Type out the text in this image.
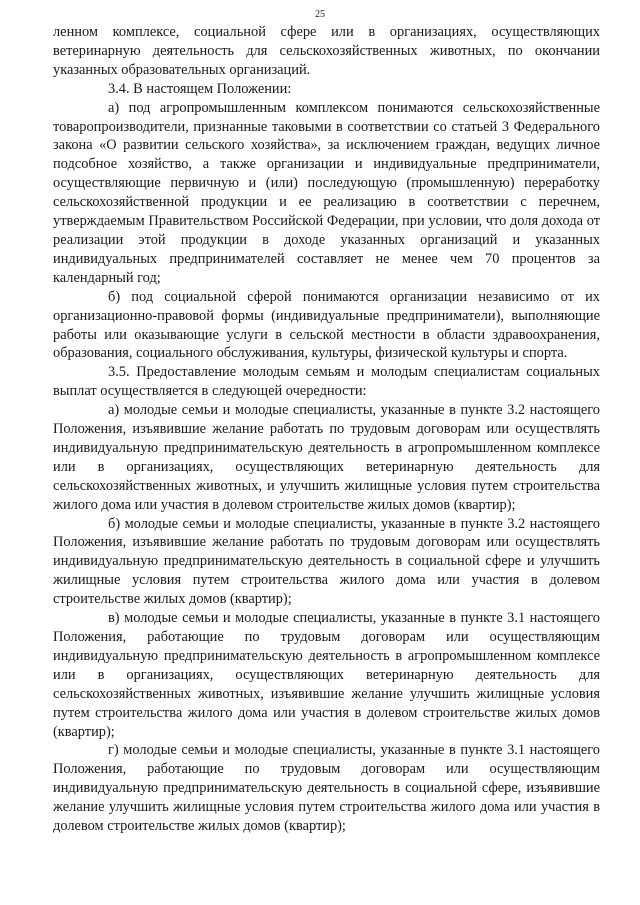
25

ленном комплексе, социальной сфере или в организациях, осуществляющих ветеринарную деятельность для сельскохозяйственных животных, по окончании указанных образовательных организаций.

3.4. В настоящем Положении:

а) под агропромышленным комплексом понимаются сельскохозяйственные товаропроизводители, признанные таковыми в соответствии со статьей 3 Федерального закона «О развитии сельского хозяйства», за исключением граждан, ведущих личное подсобное хозяйство, а также организации и индивидуальные предприниматели, осуществляющие первичную и (или) последующую (промышленную) переработку сельскохозяйственной продукции и ее реализацию в соответствии с перечнем, утверждаемым Правительством Российской Федерации, при условии, что доля дохода от реализации этой продукции в доходе указанных организаций и указанных индивидуальных предпринимателей составляет не менее чем 70 процентов за календарный год;

б) под социальной сферой понимаются организации независимо от их организационно-правовой формы (индивидуальные предприниматели), выполняющие работы или оказывающие услуги в сельской местности в области здравоохранения, образования, социального обслуживания, культуры, физической культуры и спорта.

3.5. Предоставление молодым семьям и молодым специалистам социальных выплат осуществляется в следующей очередности:

а) молодые семьи и молодые специалисты, указанные в пункте 3.2 настоящего Положения, изъявившие желание работать по трудовым договорам или осуществлять индивидуальную предпринимательскую деятельность в агропромышленном комплексе или в организациях, осуществляющих ветеринарную деятельность для сельскохозяйственных животных, и улучшить жилищные условия путем строительства жилого дома или участия в долевом строительстве жилых домов (квартир);

б) молодые семьи и молодые специалисты, указанные в пункте 3.2 настоящего Положения, изъявившие желание работать по трудовым договорам или осуществлять индивидуальную предпринимательскую деятельность в социальной сфере и улучшить жилищные условия путем строительства жилого дома или участия в долевом строительстве жилых домов (квартир);

в) молодые семьи и молодые специалисты, указанные в пункте 3.1 настоящего Положения, работающие по трудовым договорам или осуществляющим индивидуальную предпринимательскую деятельность в агропромышленном комплексе или в организациях, осуществляющих ветеринарную деятельность для сельскохозяйственных животных, изъявившие желание улучшить жилищные условия путем строительства жилого дома или участия в долевом строительстве жилых домов (квартир);

г) молодые семьи и молодые специалисты, указанные в пункте 3.1 настоящего Положения, работающие по трудовым договорам или осуществляющим индивидуальную предпринимательскую деятельность в социальной сфере, изъявившие желание улучшить жилищные условия путем строительства жилого дома или участия в долевом строительстве жилых домов (квартир);
